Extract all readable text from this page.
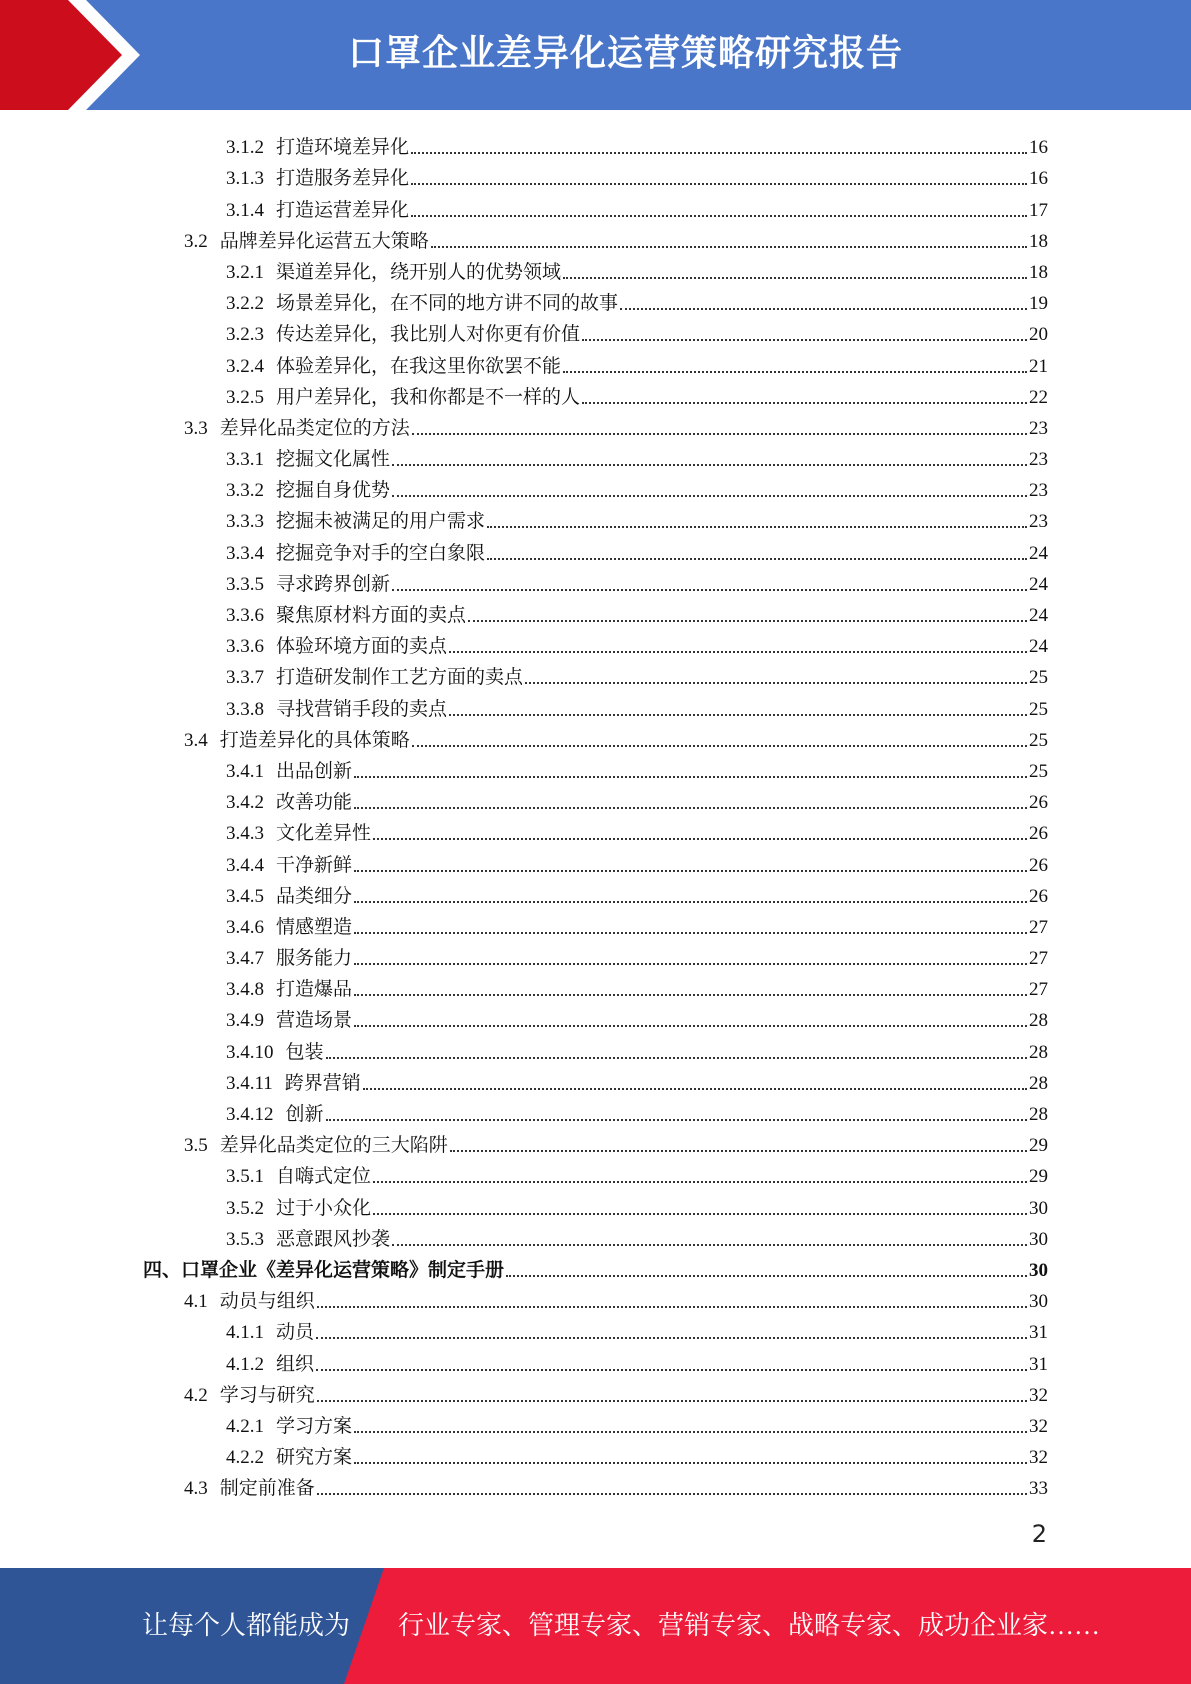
口罩企业差异化运营策略研究报告
3.1.2 打造环境差异化	16
3.1.3 打造服务差异化	16
3.1.4 打造运营差异化	17
3.2 品牌差异化运营五大策略	18
3.2.1 渠道差异化，绕开别人的优势领域	18
3.2.2 场景差异化，在不同的地方讲不同的故事	19
3.2.3 传达差异化，我比别人对你更有价值	20
3.2.4 体验差异化，在我这里你欲罢不能	21
3.2.5 用户差异化，我和你都是不一样的人	22
3.3 差异化品类定位的方法	23
3.3.1 挖掘文化属性	23
3.3.2 挖掘自身优势	23
3.3.3 挖掘未被满足的用户需求	23
3.3.4 挖掘竞争对手的空白象限	24
3.3.5 寻求跨界创新	24
3.3.6 聚焦原材料方面的卖点	24
3.3.6 体验环境方面的卖点	24
3.3.7 打造研发制作工艺方面的卖点	25
3.3.8 寻找营销手段的卖点	25
3.4 打造差异化的具体策略	25
3.4.1 出品创新	25
3.4.2 改善功能	26
3.4.3 文化差异性	26
3.4.4 干净新鲜	26
3.4.5 品类细分	26
3.4.6 情感塑造	27
3.4.7 服务能力	27
3.4.8 打造爆品	27
3.4.9 营造场景	28
3.4.10 包装	28
3.4.11 跨界营销	28
3.4.12 创新	28
3.5 差异化品类定位的三大陷阱	29
3.5.1 自嗨式定位	29
3.5.2 过于小众化	30
3.5.3 恶意跟风抄袭	30
四、口罩企业《差异化运营策略》制定手册	30
4.1 动员与组织	30
4.1.1 动员	31
4.1.2 组织	31
4.2 学习与研究	32
4.2.1 学习方案	32
4.2.2 研究方案	32
4.3 制定前准备	33
2
让每个人都能成为 行业专家、管理专家、营销专家、战略专家、成功企业家……
